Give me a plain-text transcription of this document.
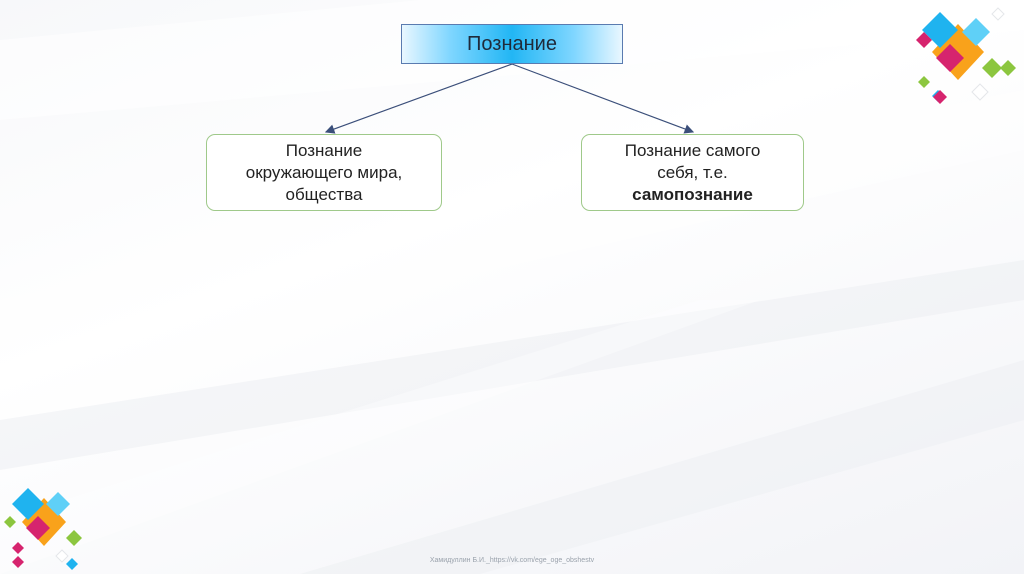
Познание
Познание
окружающего мира,
общества
Познание самого
себя, т.е.
самопознание
Хамидуллин Б.И._https://vk.com/ege_oge_obshestv
